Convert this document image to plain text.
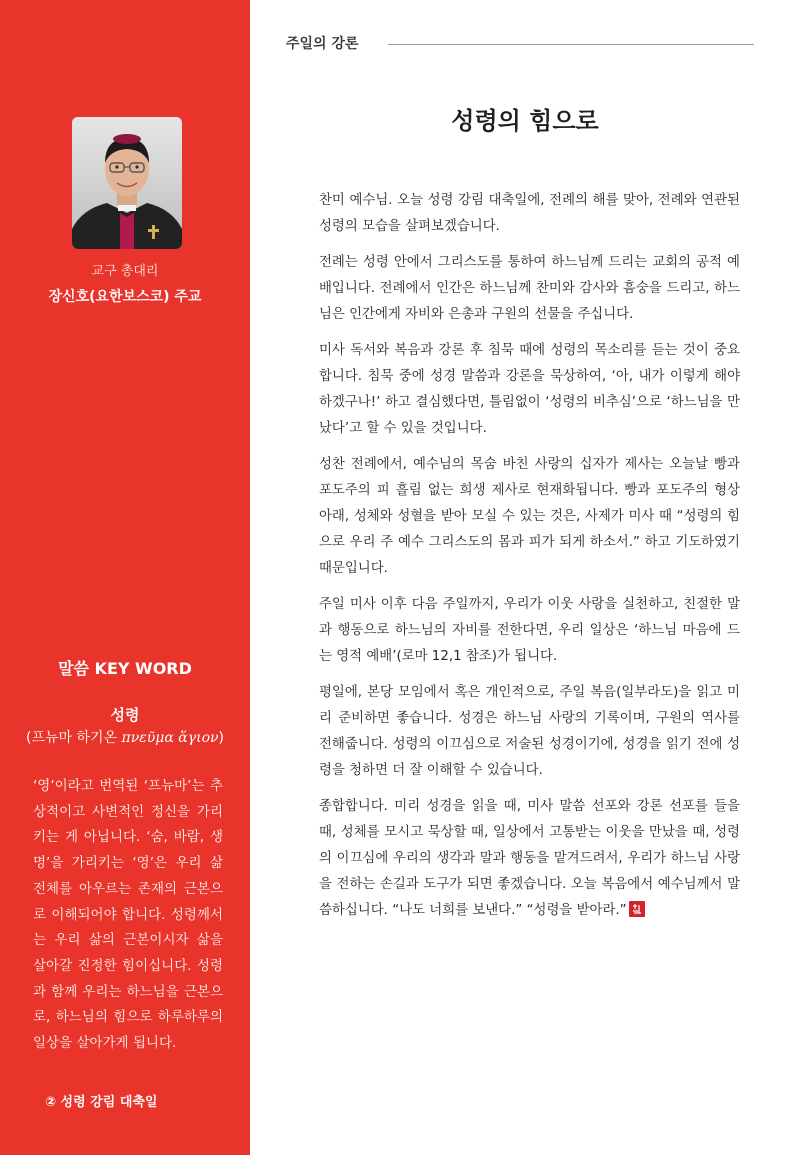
교구 총대리
장신호(요한보스코) 주교
말씀 KEY WORD
성령
(프뉴마 하기온 πνεῦμα ἅγιον)

‘영’이라고 번역된 ‘프뉴마’는 추상적이고 사변적인 정신을 가리키는 게 아닙니다. ‘숨, 바람, 생명’을 가리키는 ‘영’은 우리 삶 전체를 아우르는 존재의 근본으로 이해되어야 합니다. 성령께서는 우리 삶의 근본이시자 삶을 살아갈 진정한 힘이십니다. 성령과 함께 우리는 하느님을 근본으로, 하느님의 힘으로 하루하루의 일상을 살아가게 됩니다.

② 성령 강림 대축일
주일의 강론
성령의 힘으로

찬미 예수님. 오늘 성령 강림 대축일에, 전례의 해를 맞아, 전례와 연관된 성령의 모습을 살펴보겠습니다.

전례는 성령 안에서 그리스도를 통하여 하느님께 드리는 교회의 공적 예배입니다. 전례에서 인간은 하느님께 찬미와 감사와 흠숭을 드리고, 하느님은 인간에게 자비와 은총과 구원의 선물을 주십니다.

미사 독서와 복음과 강론 후 침묵 때에 성령의 목소리를 듣는 것이 중요합니다. 침묵 중에 성경 말씀과 강론을 묵상하여, ‘아, 내가 이렇게 해야 하겠구나!’ 하고 결심했다면, 틀림없이 ‘성령의 비추심’으로 ‘하느님을 만났다’고 할 수 있을 것입니다.

성찬 전례에서, 예수님의 목숨 바친 사랑의 십자가 제사는 오늘날 빵과 포도주의 피 흘림 없는 희생 제사로 현재화됩니다. 빵과 포도주의 형상 아래, 성체와 성혈을 받아 모실 수 있는 것은, 사제가 미사 때 “성령의 힘으로 우리 주 예수 그리스도의 몸과 피가 되게 하소서.” 하고 기도하였기 때문입니다.

주일 미사 이후 다음 주일까지, 우리가 이웃 사랑을 실천하고, 친절한 말과 행동으로 하느님의 자비를 전한다면, 우리 일상은 ‘하느님 마음에 드는 영적 예배’(로마 12,1 참조)가 됩니다.

평일에, 본당 모임에서 혹은 개인적으로, 주일 복음(일부라도)을 읽고 미리 준비하면 좋습니다. 성경은 하느님 사랑의 기록이며, 구원의 역사를 전해줍니다. 성령의 이끄심으로 저술된 성경이기에, 성경을 읽기 전에 성령을 청하면 더 잘 이해할 수 있습니다.

종합합니다. 미리 성경을 읽을 때, 미사 말씀 선포와 강론 선포를 들을 때, 성체를 모시고 묵상할 때, 일상에서 고통받는 이웃을 만났을 때, 성령의 이끄심에 우리의 생각과 말과 행동을 맡겨드려서, 우리가 하느님 사랑을 전하는 손길과 도구가 되면 좋겠습니다. 오늘 복음에서 예수님께서 말씀하십니다. “나도 너희를 보낸다.” “성령을 받아라.”
